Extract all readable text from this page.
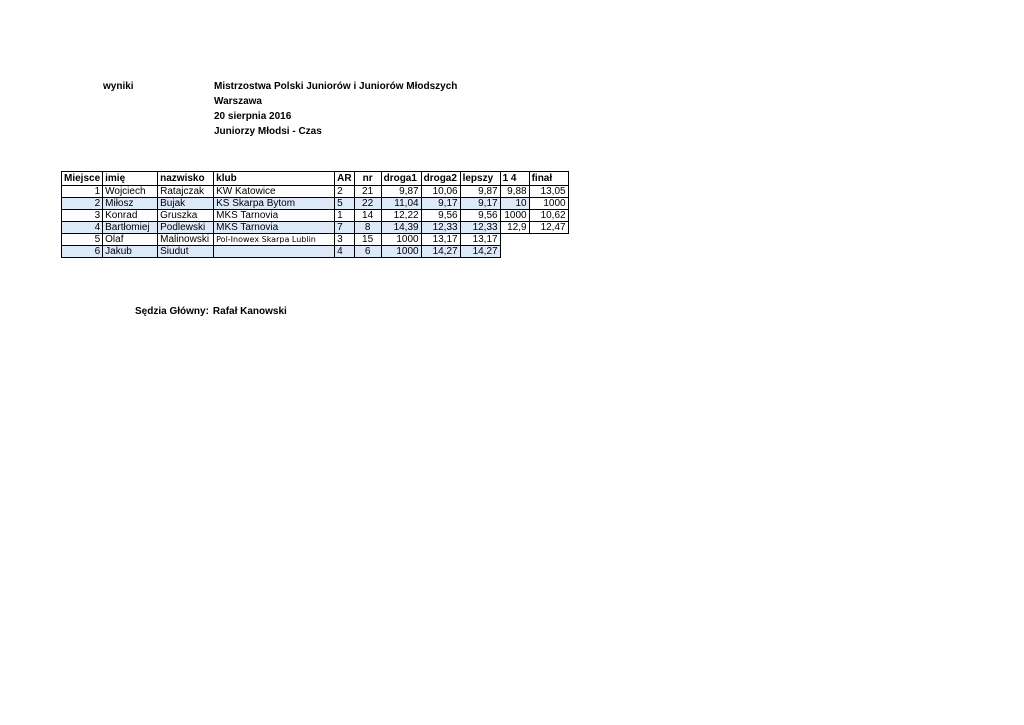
wyniki	Mistrzostwa Polski Juniorów i Juniorów Młodszych
Warszawa
20 sierpnia 2016
Juniorzy Młodsi - Czas
Miejsce	imię	nazwisko	klub	AR	nr	droga1	droga2	lepszy	1 4	finał
1	Wojciech	Ratajczak	KW Katowice	2	21	9,87	10,06	9,87	9,88	13,05
2	Miłosz	Bujak	KS Skarpa Bytom	5	22	11,04	9,17	9,17	10	1000
3	Konrad	Gruszka	MKS Tarnovia	1	14	12,22	9,56	9,56	1000	10,62
4	Bartłomiej	Podlewski	MKS Tarnovia	7	8	14,39	12,33	12,33	12,9	12,47
5	Olaf	Malinowski	Pol-Inowex Skarpa Lublin	3	15	1000	13,17	13,17		
6	Jakub	Siudut		4	6	1000	14,27	14,27		
Sędzia Główny: Rafał Kanowski
